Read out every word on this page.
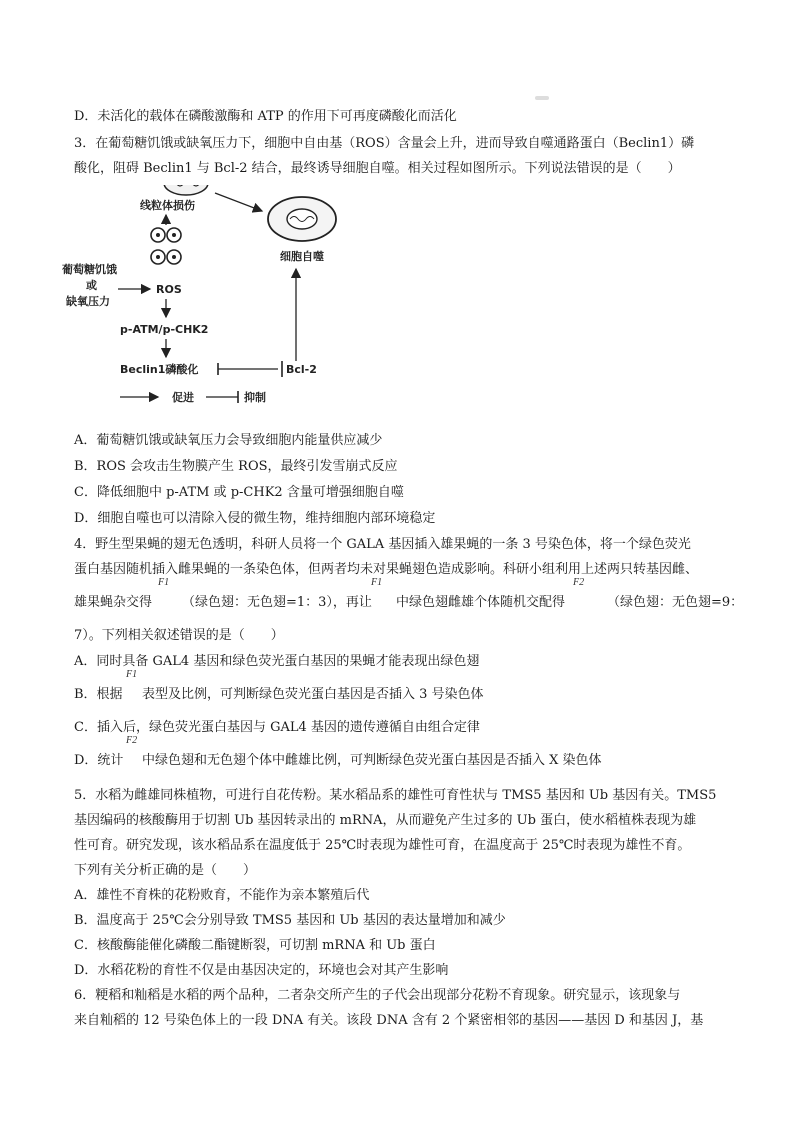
D．未活化的载体在磷酸激酶和 ATP 的作用下可再度磷酸化而活化
3．在葡萄糖饥饿或缺氧压力下，细胞中自由基（ROS）含量会上升，进而导致自噬通路蛋白（Beclin1）磷
酸化，阻碍 Beclin1 与 Bcl-2 结合，最终诱导细胞自噬。相关过程如图所示。下列说法错误的是（　　）
线粒体损伤
细胞自噬
葡萄糖饥饿
或
缺氧压力
ROS
p-ATM/p-CHK2
Beclin1磷酸化	Bcl-2
促进	抑制
A．葡萄糖饥饿或缺氧压力会导致细胞内能量供应减少
B．ROS 会攻击生物膜产生 ROS，最终引发雪崩式反应
C．降低细胞中 p-ATM 或 p-CHK2 含量可增强细胞自噬
D．细胞自噬也可以清除入侵的微生物，维持细胞内部环境稳定
4．野生型果蝇的翅无色透明，科研人员将一个 GALA 基因插入雄果蝇的一条 3 号染色体，将一个绿色荧光
蛋白基因随机插入雌果蝇的一条染色体，但两者均未对果蝇翅色造成影响。科研小组利用上述两只转基因雌、
雄果蝇杂交得
F1
（绿色翅：无色翅=1：3），再让
F1
中绿色翅雌雄个体随机交配得
F2
（绿色翅：无色翅=9：
7）。下列相关叙述错误的是（　　）
A．同时具备 GAL4 基因和绿色荧光蛋白基因的果蝇才能表现出绿色翅
B．根据
F1
表型及比例，可判断绿色荧光蛋白基因是否插入 3 号染色体
C．插入后，绿色荧光蛋白基因与 GAL4 基因的遗传遵循自由组合定律
D．统计
F2
中绿色翅和无色翅个体中雌雄比例，可判断绿色荧光蛋白基因是否插入 X 染色体
5．水稻为雌雄同株植物，可进行自花传粉。某水稻品系的雄性可育性状与 TMS5 基因和 Ub 基因有关。TMS5
基因编码的核酸酶用于切割 Ub 基因转录出的 mRNA，从而避免产生过多的 Ub 蛋白，使水稻植株表现为雄
性可育。研究发现，该水稻品系在温度低于 25℃时表现为雄性可育，在温度高于 25℃时表现为雄性不育。
下列有关分析正确的是（　　）
A．雄性不育株的花粉败育，不能作为亲本繁殖后代
B．温度高于 25℃会分别导致 TMS5 基因和 Ub 基因的表达量增加和减少
C．核酸酶能催化磷酸二酯键断裂，可切割 mRNA 和 Ub 蛋白
D．水稻花粉的育性不仅是由基因决定的，环境也会对其产生影响
6．粳稻和籼稻是水稻的两个品种，二者杂交所产生的子代会出现部分花粉不育现象。研究显示，该现象与
来自籼稻的 12 号染色体上的一段 DNA 有关。该段 DNA 含有 2 个紧密相邻的基因——基因 D 和基因 J，基
